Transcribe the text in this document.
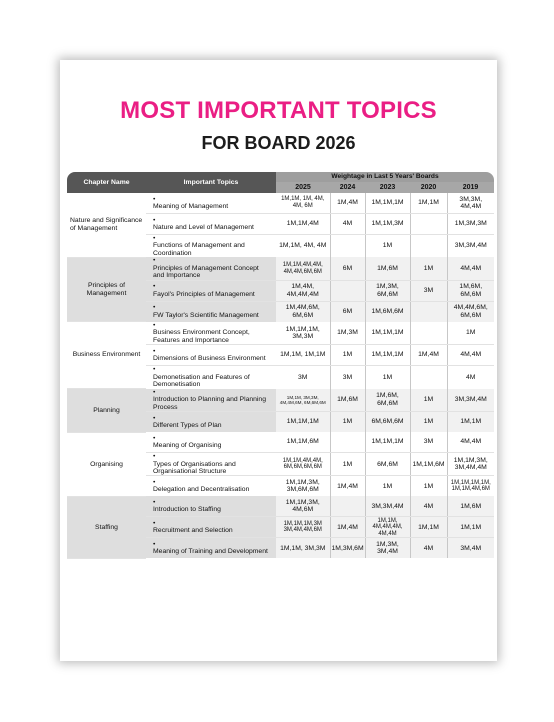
MOST IMPORTANT TOPICS
FOR BOARD 2026
Chapter Name	Important Topics	Weightage in Last 5 Years' Boards				
		2025	2024	2023	2020	2019
Nature and Significance of Management	•Meaning of Management	1M,1M, 1M, 4M, 4M, 6M	1M,4M	1M,1M,1M	1M,1M	3M,3M, 4M,4M
	•Nature and Level of Management	1M,1M,4M	4M	1M,1M,3M		1M,3M,3M
	•Functions of Management and Coordination	1M,1M, 4M, 4M		1M		3M,3M,4M
Principles of Management	•Principles of Management Concept and Importance	1M,1M,4M,4M, 4M,4M,6M,6M	6M	1M,6M	1M	4M,4M
	•Fayol's Principles of Management	1M,4M, 4M,4M,4M		1M,3M, 6M,6M	3M	1M,6M, 6M,6M
	•FW Taylor's Scientific Management	1M,4M,6M, 6M,6M	6M	1M,6M,6M		4M,4M,6M, 6M,6M
Business Environment	•Business Environment Concept, Features and Importance	1M,1M,1M, 3M,3M	1M,3M	1M,1M,1M		1M
	•Dimensions of Business Environment	1M,1M, 1M,1M	1M	1M,1M,1M	1M,4M	4M,4M
	•Demonetisation and Features of Demonetisation	3M	3M	1M		4M
Planning	•Introduction to Planning and Planning Process	1M,1M, 3M,3M, 4M,4M,6M, 6M,6M,6M	1M,6M	1M,6M, 6M,6M	1M	3M,3M,4M
	•Different Types of Plan	1M,1M,1M	1M	6M,6M,6M	1M	1M,1M
Organising	•Meaning of Organising	1M,1M,6M		1M,1M,1M	3M	4M,4M
	•Types of Organisations and Organisational Structure	1M,1M,4M,4M, 6M,6M,6M,6M	1M	6M,6M	1M,1M,6M	1M,1M,3M, 3M,4M,4M
	•Delegation and Decentralisation	1M,1M,3M, 3M,6M,6M	1M,4M	1M	1M	1M,1M,1M,1M, 1M,1M,4M,6M
Staffing	•Introduction to Staffing	1M,1M,3M, 4M,6M		3M,3M,4M	4M	1M,6M
	•Recruitment and Selection	1M,1M,1M,3M 3M,4M,4M,6M	1M,4M	1M,1M, 4M,4M,4M, 4M,4M	1M,1M	1M,1M
	•Meaning of Training and Development	1M,1M, 3M,3M	1M,3M,6M	1M,3M, 3M,4M	4M	3M,4M
